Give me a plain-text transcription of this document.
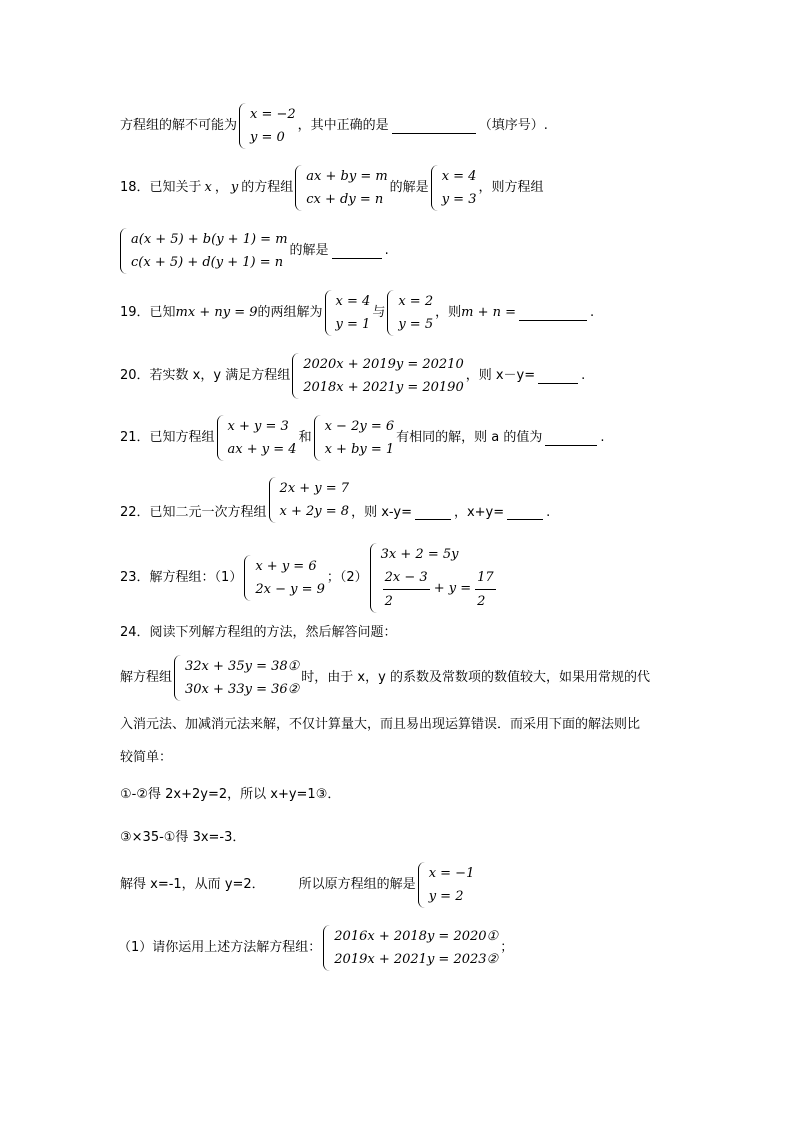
方程组的解不可能为
x = −2
y = 0
，其中正确的是	（填序号）.
18．已知关于 x ， y 的方程组
ax + by = m
cx + dy = n
的解是
x = 4
y = 3
，则方程组
a(x + 5) + b(y + 1) = m
c(x + 5) + d(y + 1) = n
的解是	.
19．已知 mx + ny = 9 的两组解为
x = 4
y = 1
与
x = 2
y = 5
，则 m + n =	.
20．若实数 x，y 满足方程组
2020x + 2019y = 20210
2018x + 2021y = 20190
，则 x－y=	.
21．已知方程组
x + y = 3
ax + y = 4
和
x − 2y = 6
x + by = 1
有相同的解，则 a 的值为	.
22．已知二元一次方程组
2x + y = 7
x + 2y = 8 ，则 x-y=	，x+y=	.
23．解方程组：（1）
x + y = 6
2x − y = 9
；（2）
3x + 2 = 5y
$\frac{2x - 3}{2} + y = \frac{17}{2}$
24．阅读下列解方程组的方法，然后解答问题：
解方程组
32x + 35y = 38①
30x + 33y = 36②
时，由于 x，y 的系数及常数项的数值较大，如果用常规的代
入消元法、加减消元法来解，不仅计算量大，而且易出现运算错误．而采用下面的解法则比
较简单：
①-②得 2x+2y=2，所以 x+y=1③．
③×35-①得 3x=-3．
解得 x=-1，从而 y=2．	所以原方程组的解是
x = −1
y = 2
（1）请你运用上述方法解方程组：
2016x + 2018y = 2020①
2019x + 2021y = 2023②
；
